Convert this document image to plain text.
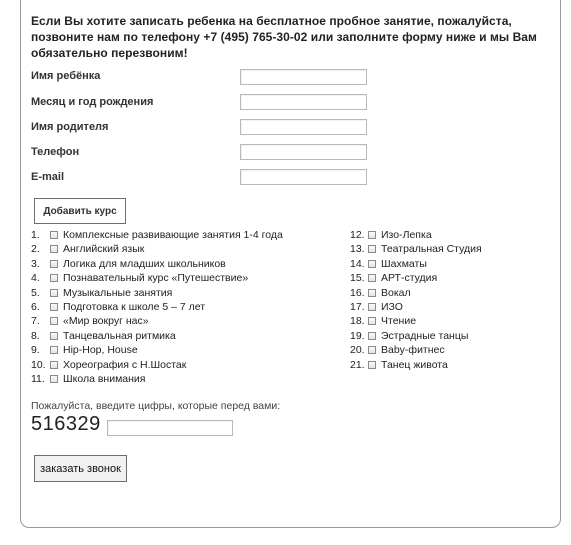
Если Вы хотите записать ребенка на бесплатное пробное занятие, пожалуйста, позвоните нам по телефону +7 (495) 765-30-02 или заполните форму ниже и мы Вам обязательно перезвоним!
Имя ребёнка
Месяц и год рождения
Имя родителя
Телефон
E-mail
Добавить курс
1. Комплексные развивающие занятия 1-4 года
2. Английский язык
3. Логика для младших школьников
4. Познавательный курс «Путешествие»
5. Музыкальные занятия
6. Подготовка к школе 5 – 7 лет
7. «Мир вокруг нас»
8. Танцевальная ритмика
9. Hip-Hop, House
10. Хореография с Н.Шостак
11. Школа внимания
12. Изо-Лепка
13. Театральная Студия
14. Шахматы
15. АРТ-студия
16. Вокал
17. ИЗО
18. Чтение
19. Эстрадные танцы
20. Baby-фитнес
21. Танец живота
Пожалуйста, введите цифры, которые перед вами:
516329
заказать звонок
